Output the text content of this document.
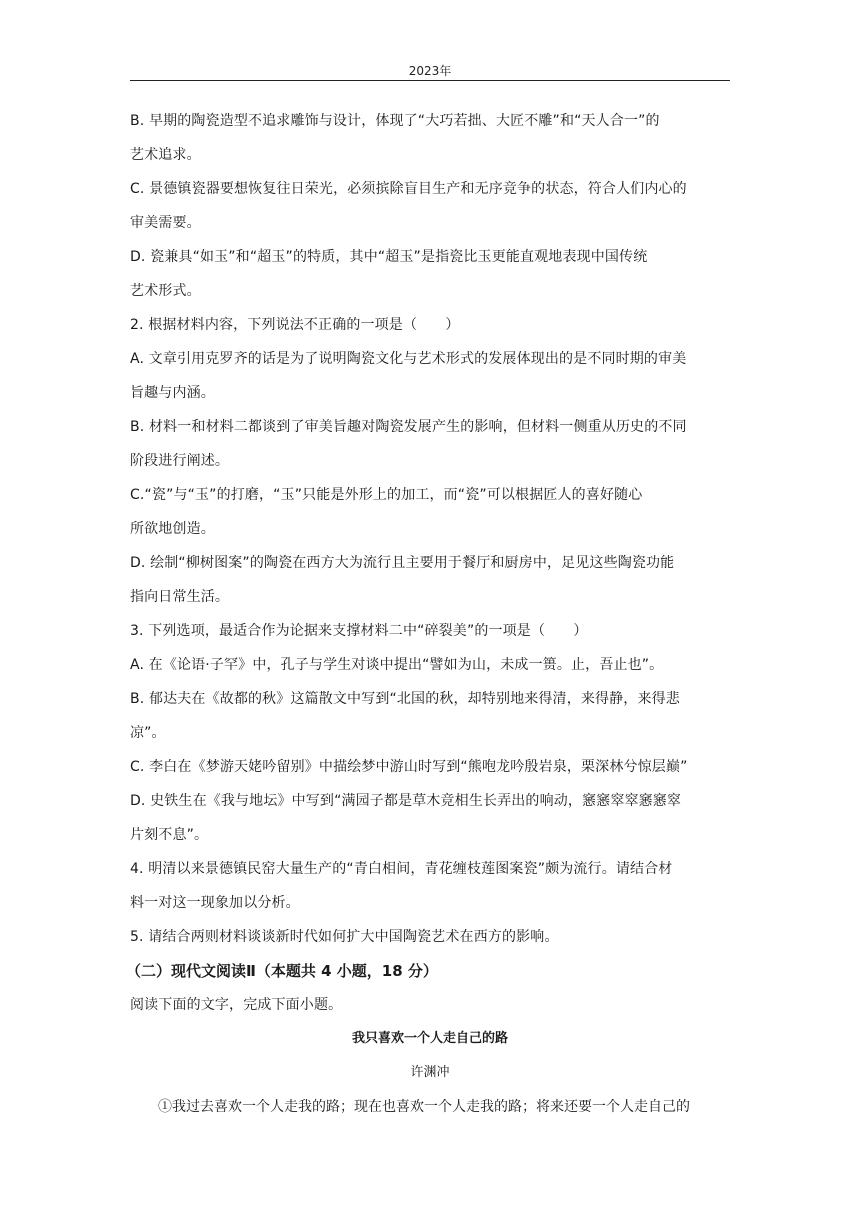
2023年
B. 早期的陶瓷造型不追求雕饰与设计，体现了“大巧若拙、大匠不雕”和“天人合一”的
艺术追求。
C. 景德镇瓷器要想恢复往日荣光，必须摈除盲目生产和无序竞争的状态，符合人们内心的
审美需要。
D. 瓷兼具“如玉”和“超玉”的特质，其中“超玉”是指瓷比玉更能直观地表现中国传统
艺术形式。
2. 根据材料内容，下列说法不正确的一项是（　　）
A. 文章引用克罗齐的话是为了说明陶瓷文化与艺术形式的发展体现出的是不同时期的审美
旨趣与内涵。
B. 材料一和材料二都谈到了审美旨趣对陶瓷发展产生的影响，但材料一侧重从历史的不同
阶段进行阐述。
C.“瓷”与“玉”的打磨，“玉”只能是外形上的加工，而“瓷”可以根据匠人的喜好随心
所欲地创造。
D. 绘制“柳树图案”的陶瓷在西方大为流行且主要用于餐厅和厨房中，足见这些陶瓷功能
指向日常生活。
3. 下列选项，最适合作为论据来支撑材料二中“碎裂美”的一项是（　　）
A. 在《论语·子罕》中，孔子与学生对谈中提出“譬如为山，未成一篑。止，吾止也”。
B. 郁达夫在《故都的秋》这篇散文中写到“北国的秋，却特别地来得清，来得静，来得悲
凉”。
C. 李白在《梦游天姥吟留别》中描绘梦中游山时写到“熊咆龙吟殷岩泉，栗深林兮惊层巅”
D. 史铁生在《我与地坛》中写到“满园子都是草木竞相生长弄出的响动，窸窸窣窣窸窸窣
片刻不息”。
4. 明清以来景德镇民窑大量生产的“青白相间，青花缠枝莲图案瓷”颇为流行。请结合材
料一对这一现象加以分析。
5. 请结合两则材料谈谈新时代如何扩大中国陶瓷艺术在西方的影响。
（二）现代文阅读Ⅱ（本题共 4 小题，18 分）
阅读下面的文字，完成下面小题。
我只喜欢一个人走自己的路
许渊冲
①我过去喜欢一个人走我的路；现在也喜欢一个人走我的路；将来还要一个人走自己的
